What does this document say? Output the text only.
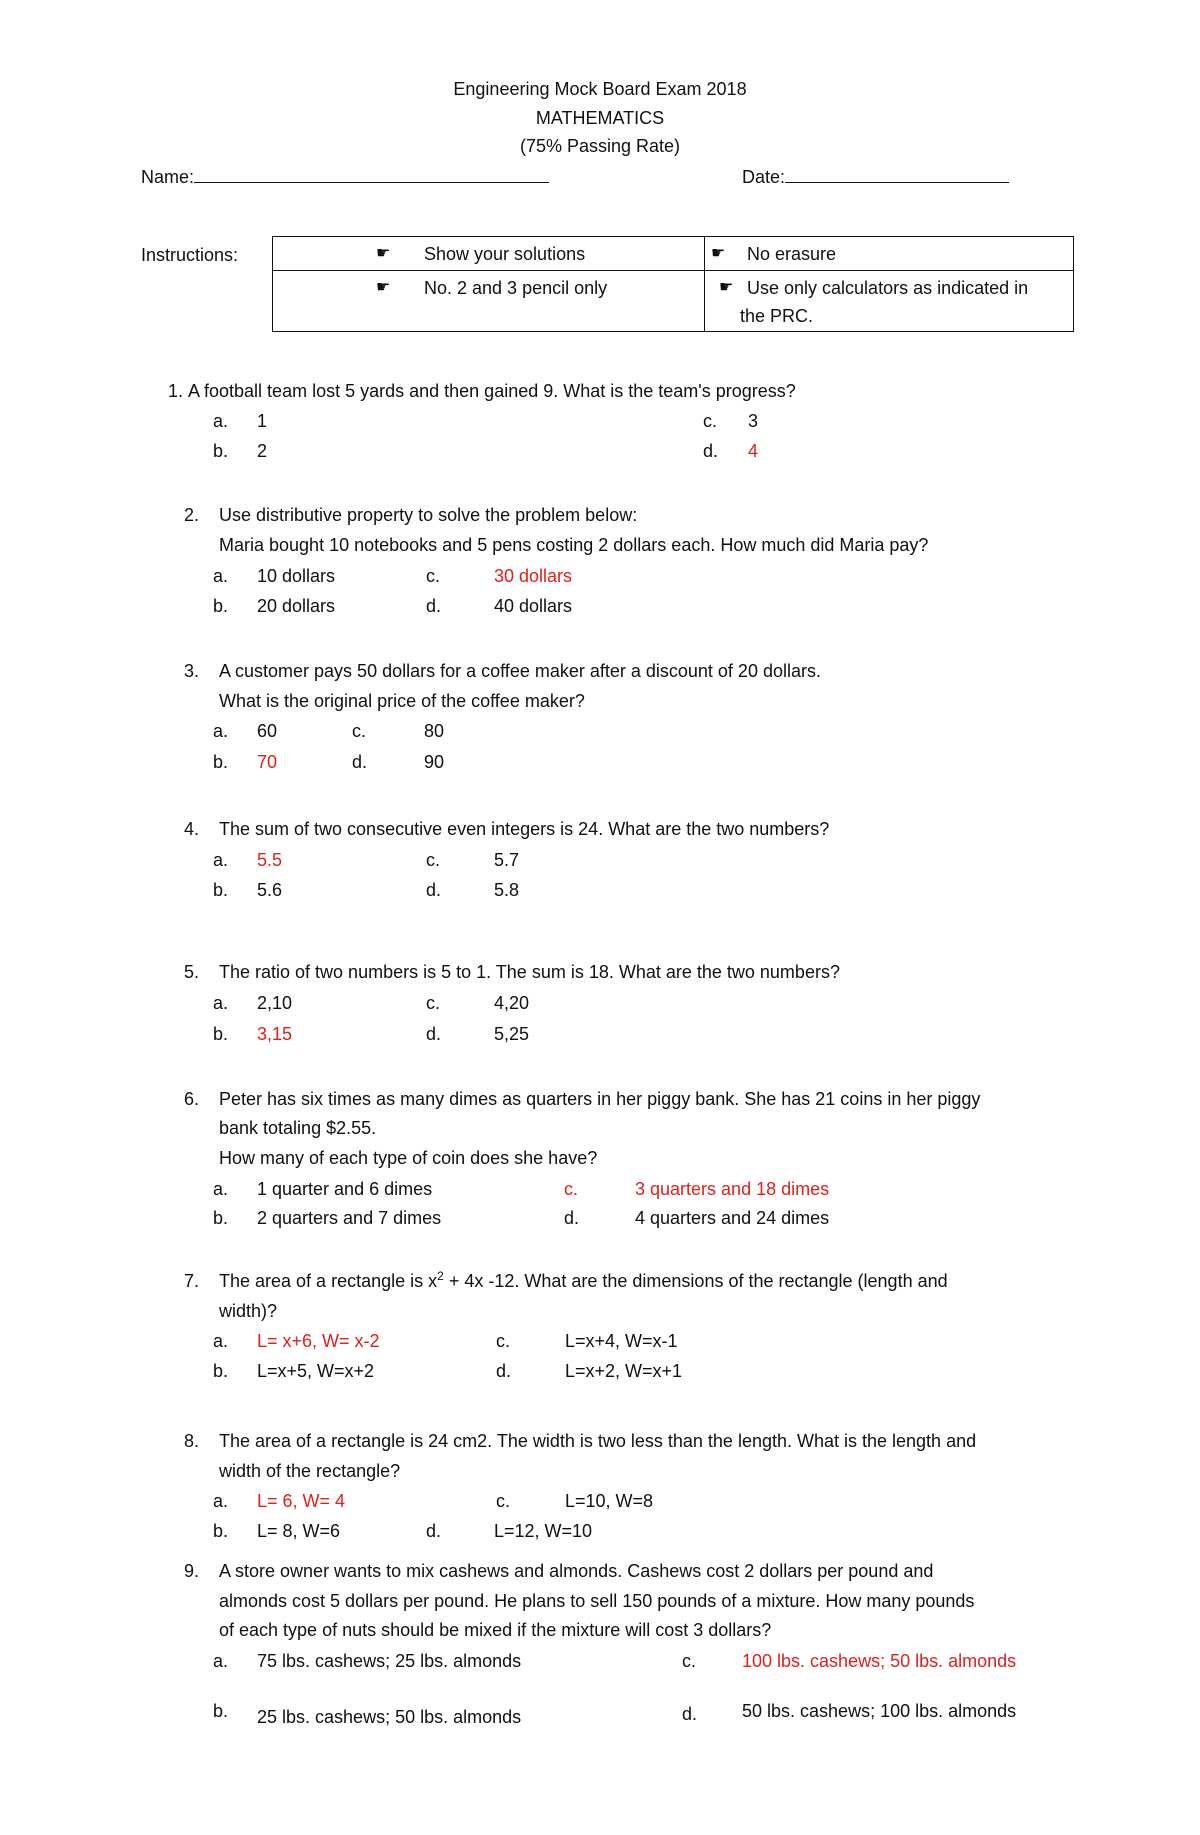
Engineering Mock Board Exam 2018
MATHEMATICS
(75% Passing Rate)
Name:	Date:
Instructions:	☛ Show your solutions	☛ No erasure

☛ No. 2 and 3 pencil only	☛ Use only calculators as indicated in
the PRC.
1. A football team lost 5 yards and then gained 9. What is the team's progress?
a. 1	c. 3
b. 2	d. 4
2. Use distributive property to solve the problem below:
Maria bought 10 notebooks and 5 pens costing 2 dollars each. How much did Maria pay?
a. 10 dollars	c.	30 dollars
b. 20 dollars	d.	40 dollars
3. A customer pays 50 dollars for a coffee maker after a discount of 20 dollars.
What is the original price of the coffee maker?
a. 60	c.	80
b. 70	d.	90
4. The sum of two consecutive even integers is 24. What are the two numbers?
a. 5.5	c.	5.7
b. 5.6	d.	5.8
5. The ratio of two numbers is 5 to 1. The sum is 18. What are the two numbers?
a. 2,10	c.	4,20
b. 3,15	d.	5,25
6. Peter has six times as many dimes as quarters in her piggy bank. She has 21 coins in her piggy
bank totaling $2.55.
How many of each type of coin does she have?
a. 1 quarter and 6 dimes	c.	3 quarters and 18 dimes
b. 2 quarters and 7 dimes	d.	4 quarters and 24 dimes
7. The area of a rectangle is $x^2 + 4x$ -12. What are the dimensions of the rectangle (length and
width)?
a. L= x+6, W= x-2	c.	L=x+4, W=x-1
b. L=x+5, W=x+2	d.	L=x+2, W=x+1
8. The area of a rectangle is 24 cm2. The width is two less than the length. What is the length and
width of the rectangle?
a. L= 6, W= 4	c.	L=10, W=8
b. L= 8, W=6	d.	L=12, W=10
9. A store owner wants to mix cashews and almonds. Cashews cost 2 dollars per pound and
almonds cost 5 dollars per pound. He plans to sell 150 pounds of a mixture. How many pounds
of each type of nuts should be mixed if the mixture will cost 3 dollars?
a. 75 lbs. cashews; 25 lbs. almonds	c.	100 lbs. cashews; 50 lbs. almonds
b. 25 lbs. cashews; 50 lbs. almonds	d. 50 lbs. cashews; 100 lbs. almonds
